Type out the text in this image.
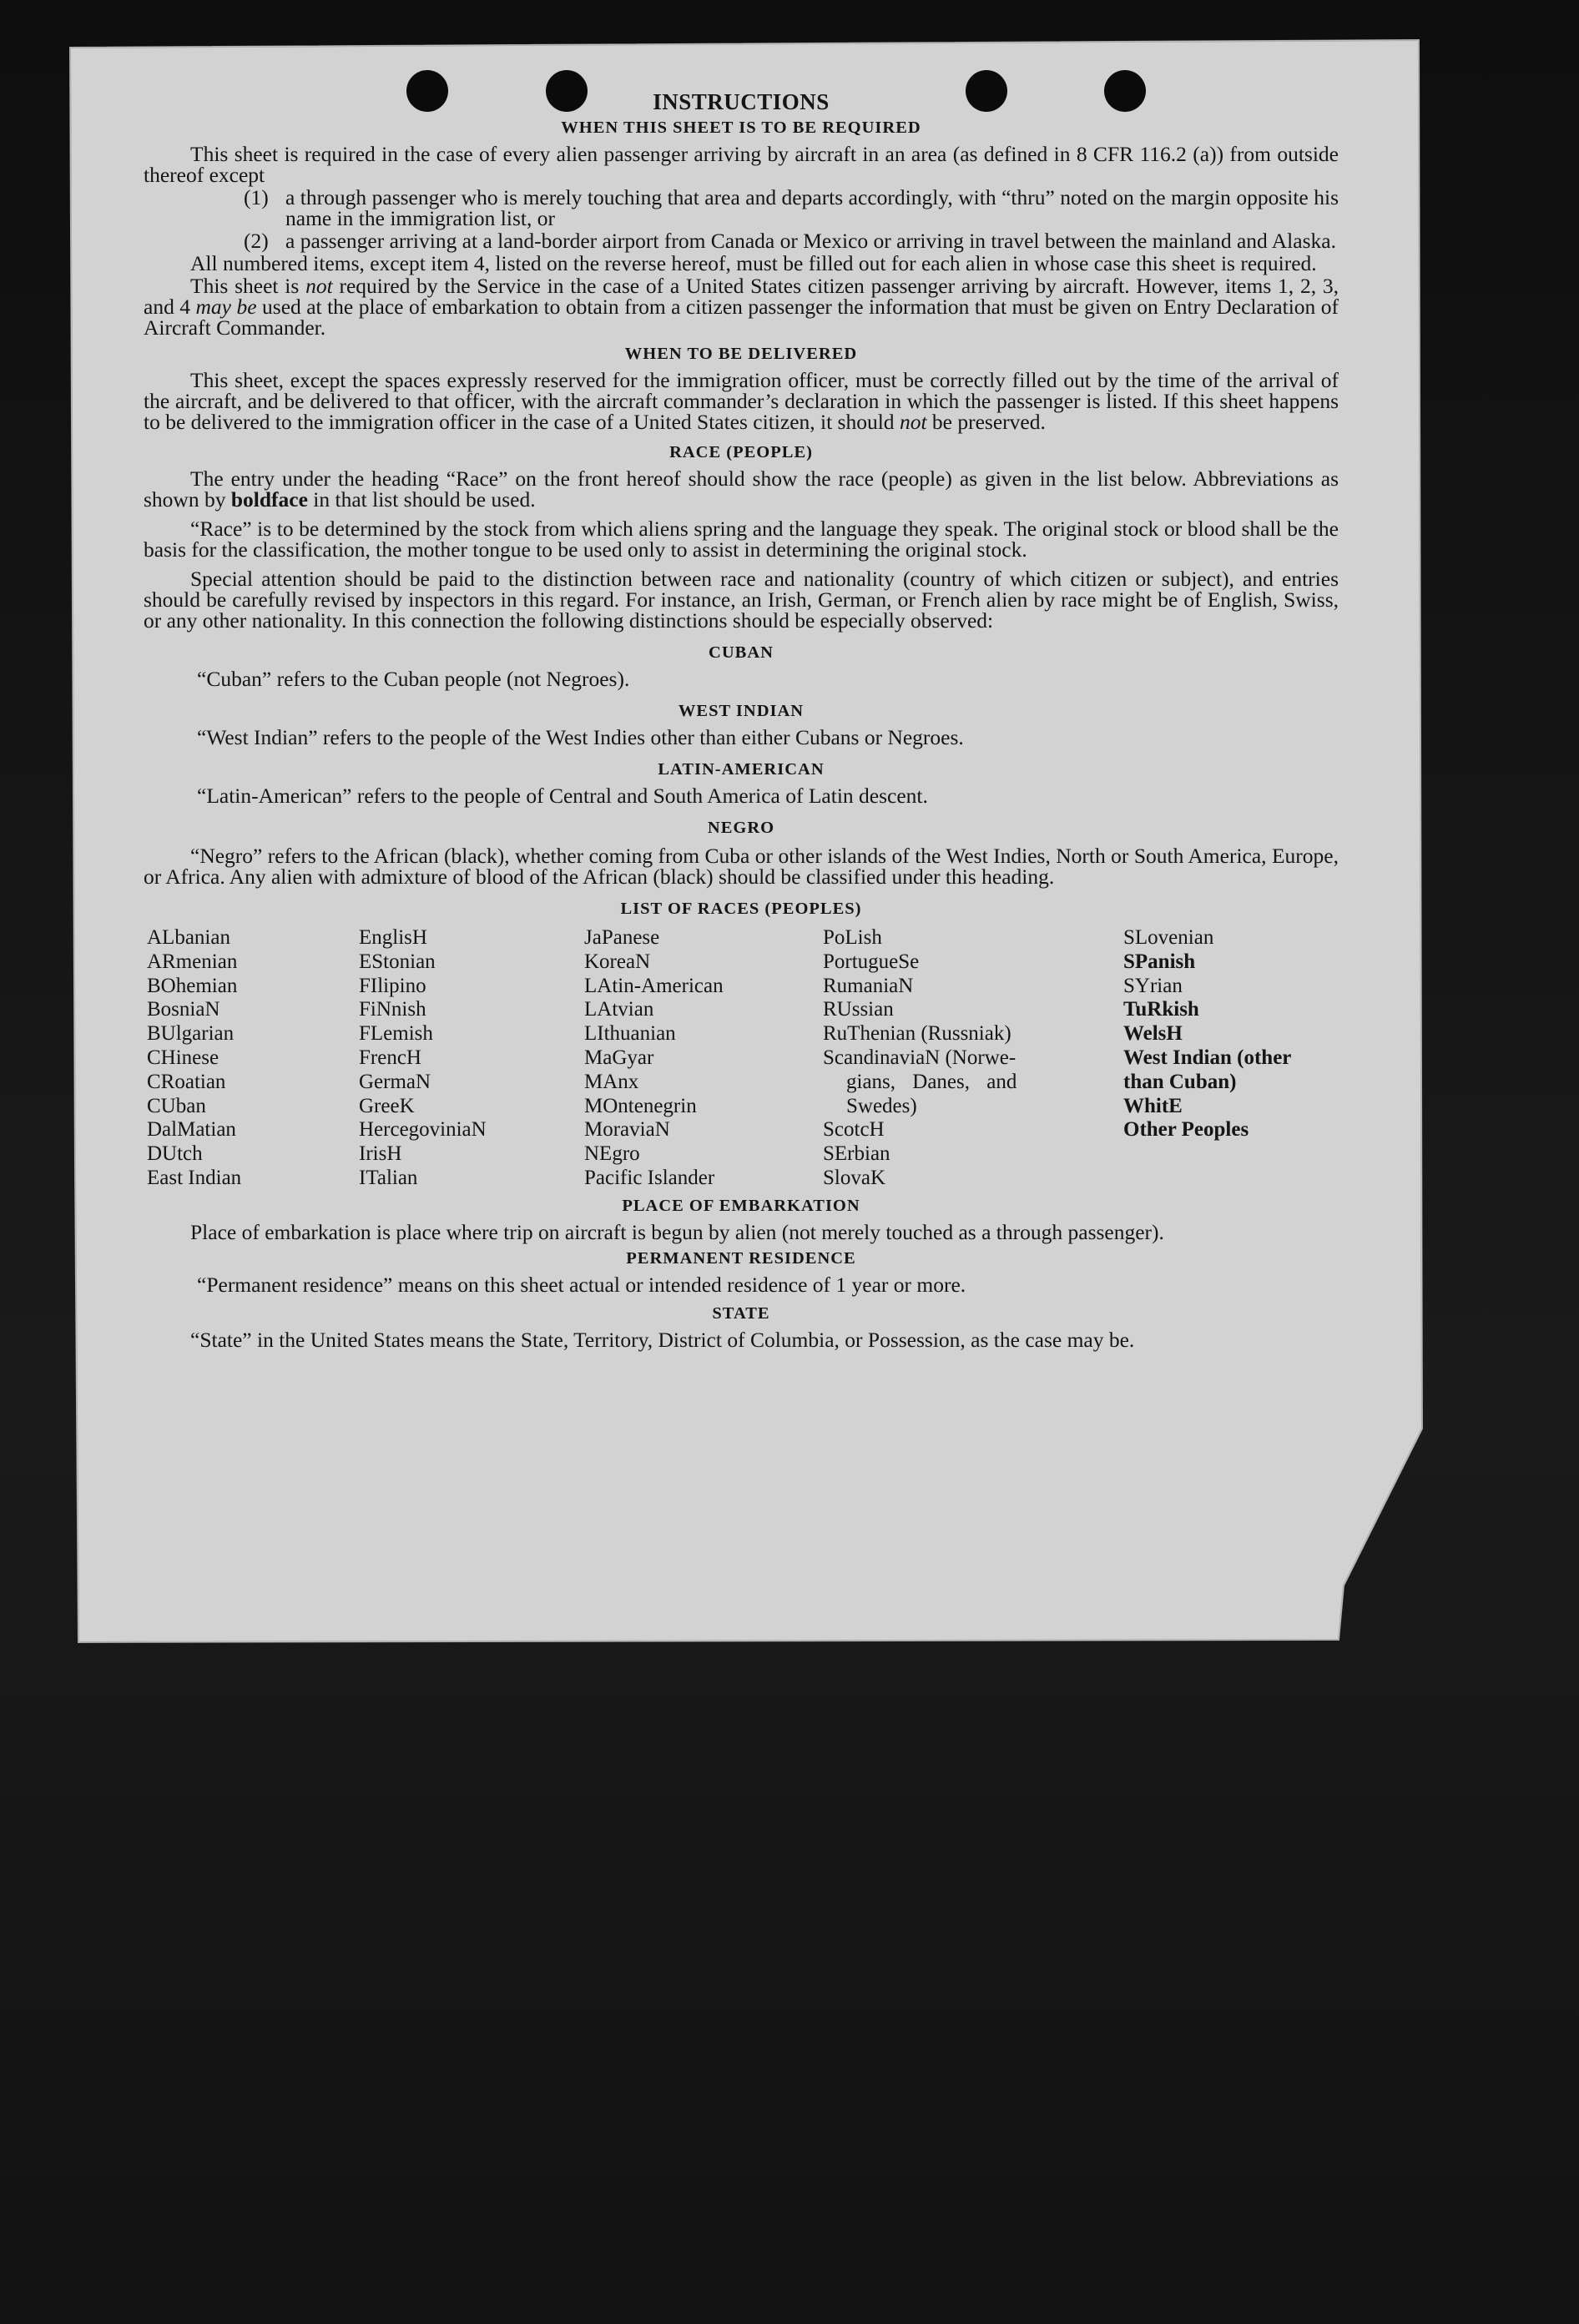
INSTRUCTIONS
WHEN THIS SHEET IS TO BE REQUIRED

This sheet is required in the case of every alien passenger arriving by aircraft in an area (as defined in 8 CFR 116.2 (a)) from outside thereof except

(1) a through passenger who is merely touching that area and departs accordingly, with “thru” noted on the margin opposite his name in the immigration list, or
(2) a passenger arriving at a land-border airport from Canada or Mexico or arriving in travel between the mainland and Alaska.

All numbered items, except item 4, listed on the reverse hereof, must be filled out for each alien in whose case this sheet is required.

This sheet is not required by the Service in the case of a United States citizen passenger arriving by aircraft. However, items 1, 2, 3, and 4 may be used at the place of embarkation to obtain from a citizen passenger the information that must be given on Entry Declaration of Aircraft Commander.

WHEN TO BE DELIVERED

This sheet, except the spaces expressly reserved for the immigration officer, must be correctly filled out by the time of the arrival of the aircraft, and be delivered to that officer, with the aircraft commander’s declaration in which the passenger is listed. If this sheet happens to be delivered to the immigration officer in the case of a United States citizen, it should not be preserved.

RACE (PEOPLE)

The entry under the heading “Race” on the front hereof should show the race (people) as given in the list below. Abbreviations as shown by boldface in that list should be used.

“Race” is to be determined by the stock from which aliens spring and the language they speak. The original stock or blood shall be the basis for the classification, the mother tongue to be used only to assist in determining the original stock.

Special attention should be paid to the distinction between race and nationality (country of which citizen or subject), and entries should be carefully revised by inspectors in this regard. For instance, an Irish, German, or French alien by race might be of English, Swiss, or any other nationality. In this connection the following distinctions should be especially observed:

CUBAN

“Cuban” refers to the Cuban people (not Negroes).

WEST INDIAN

“West Indian” refers to the people of the West Indies other than either Cubans or Negroes.

LATIN-AMERICAN

“Latin-American” refers to the people of Central and South America of Latin descent.

NEGRO

“Negro” refers to the African (black), whether coming from Cuba or other islands of the West Indies, North or South America, Europe, or Africa. Any alien with admixture of blood of the African (black) should be classified under this heading.

LIST OF RACES (PEOPLES)
ALbanian
ARmenian
BOhemian
BosniaN
BUlgarian
CHinese
CRoatian
CUban
DalMatian
DUtch
East Indian
EnglisH
EStonian
FIlipino
FiNnish
FLemish
FrencH
GermaN
GreeK
HercegoviniaN
IrisH
ITalian
JaPanese
KoreaN
LAtin-American
LAtvian
LIthuanian
MaGyar
MAnx
MOntenegrin
MoraviaN
NEgro
Pacific Islander
PoLish
PortugueSe
RumaniaN
RUssian
RuThenian (Russniak)
ScandinaviaN (Norwe-
gians, Danes, and
Swedes)
ScotcH
SErbian
SlovaK
SLovenian
SPanish
SYrian
TuRkish
WelsH
West Indian (other
than Cuban)
WhitE
Other Peoples
PLACE OF EMBARKATION

Place of embarkation is place where trip on aircraft is begun by alien (not merely touched as a through passenger).

PERMANENT RESIDENCE

“Permanent residence” means on this sheet actual or intended residence of 1 year or more.

STATE

“State” in the United States means the State, Territory, District of Columbia, or Possession, as the case may be.
